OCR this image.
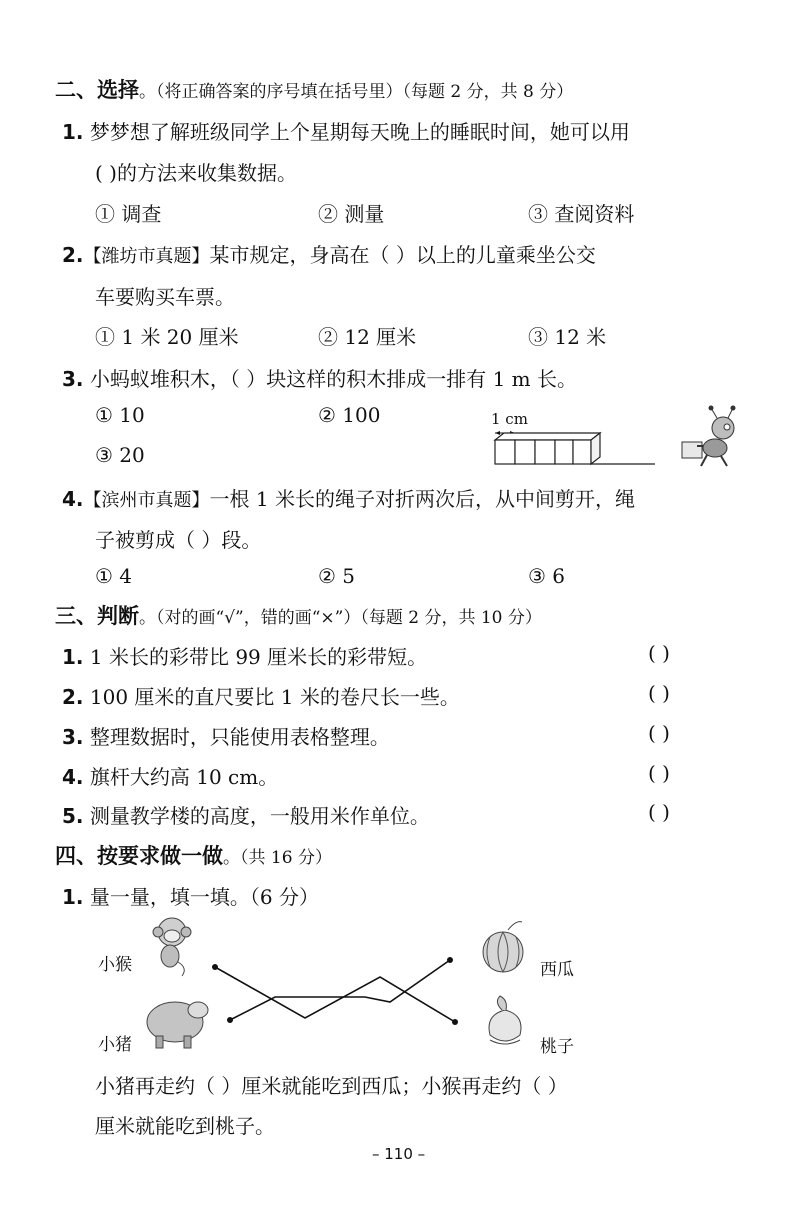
二、选择。（将正确答案的序号填在括号里）（每题 2 分，共 8 分）
1. 梦梦想了解班级同学上个星期每天晚上的睡眠时间，她可以用
( )的方法来收集数据。
① 调查	② 测量	③ 查阅资料
2.【潍坊市真题】某市规定，身高在（ ）以上的儿童乘坐公交
车要购买车票。
① 1 米 20 厘米	② 12 厘米	③ 12 米
3. 小蚂蚁堆积木，（ ）块这样的积木排成一排有 1 m 长。
① 10	② 100
③ 20
1 cm
4.【滨州市真题】一根 1 米长的绳子对折两次后，从中间剪开，绳
子被剪成（ ）段。
① 4	② 5	③ 6
三、判断。（对的画“√”，错的画“×”）（每题 2 分，共 10 分）
1. 1 米长的彩带比 99 厘米长的彩带短。	( )
2. 100 厘米的直尺要比 1 米的卷尺长一些。	( )
3. 整理数据时，只能使用表格整理。	( )
4. 旗杆大约高 10 cm。	( )
5. 测量教学楼的高度，一般用米作单位。	( )
四、按要求做一做。（共 16 分）
1. 量一量，填一填。（6 分）
小猴
小猪
西瓜
桃子
小猪再走约（ ）厘米就能吃到西瓜；小猴再走约（ ）
厘米就能吃到桃子。
– 110 –
